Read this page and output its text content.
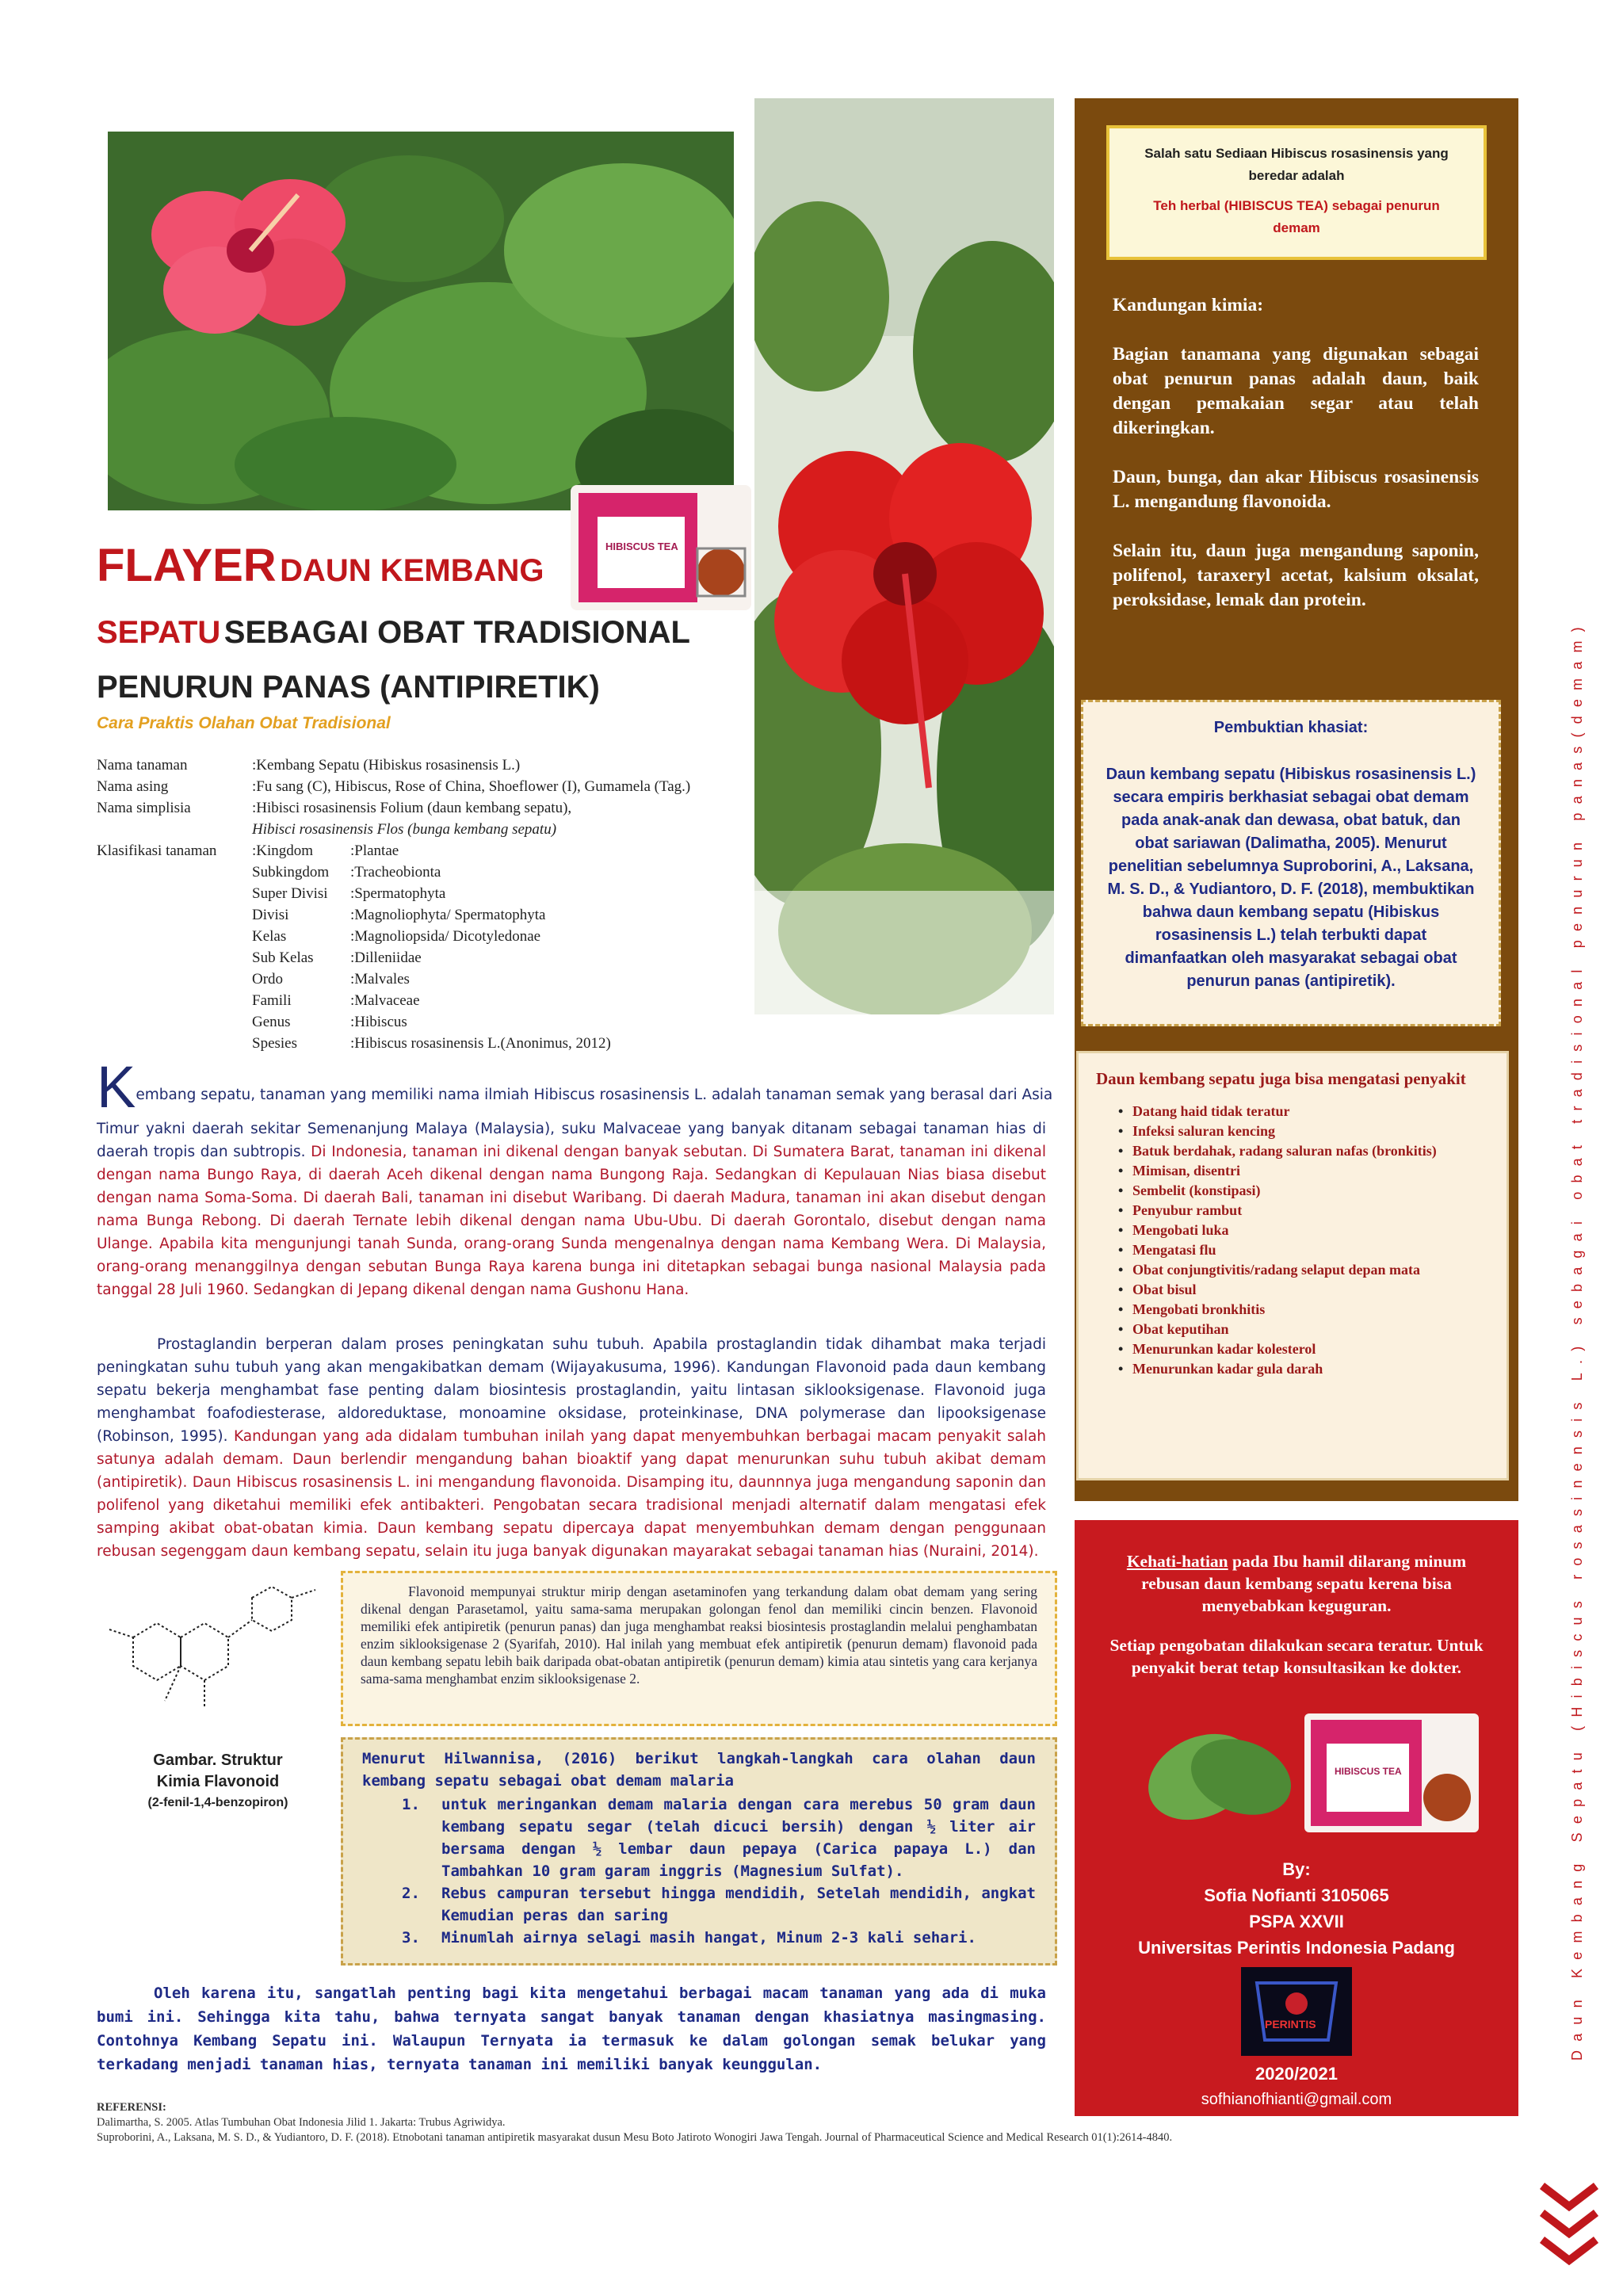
HIBISCUS TEA
FLAYER DAUN KEMBANG
SEPATU SEBAGAI OBAT TRADISIONAL
PENURUN PANAS (ANTIPIRETIK)
Cara Praktis Olahan Obat Tradisional
Nama tanaman	:Kembang Sepatu (Hibiskus rosasinensis L.)
Nama asing	:Fu sang (C), Hibiscus, Rose of China, Shoeflower (I), Gumamela (Tag.)
Nama simplisia	:Hibisci rosasinensis Folium (daun kembang sepatu),
Hibisci rosasinensis Flos (bunga kembang sepatu)
Klasifikasi tanaman :Kingdom :Plantae
Subkingdom :Tracheobionta
Super Divisi :Spermatophyta
Divisi	:Magnoliophyta/ Spermatophyta
Kelas	:Magnoliopsida/ Dicotyledonae
Sub Kelas :Dilleniidae
Ordo	:Malvales
Famili	:Malvaceae
Genus	:Hibiscus
Spesies	:Hibiscus rosasinensis L.(Anonimus, 2012)
Kembang sepatu, tanaman yang memiliki nama ilmiah Hibiscus rosasinensis L. adalah tanaman semak yang berasal dari Asia
Timur yakni daerah sekitar Semenanjung Malaya (Malaysia), suku Malvaceae yang banyak ditanam sebagai tanaman hias di daerah tropis dan subtropis. Di Indonesia, tanaman ini dikenal dengan banyak sebutan. Di Sumatera Barat, tanaman ini dikenal dengan nama Bungo Raya, di daerah Aceh dikenal dengan nama Bungong Raja. Sedangkan di Kepulauan Nias biasa disebut dengan nama Soma-Soma. Di daerah Bali, tanaman ini disebut Waribang. Di daerah Madura, tanaman ini akan disebut dengan nama Bunga Rebong. Di daerah Ternate lebih dikenal dengan nama Ubu-Ubu. Di daerah Gorontalo, disebut dengan nama Ulange. Apabila kita mengunjungi tanah Sunda, orang-orang Sunda mengenalnya dengan nama Kembang Wera. Di Malaysia, orang-orang menanggilnya dengan sebutan Bunga Raya karena bunga ini ditetapkan sebagai bunga nasional Malaysia pada tanggal 28 Juli 1960. Sedangkan di Jepang dikenal dengan nama Gushonu Hana.
Prostaglandin berperan dalam proses peningkatan suhu tubuh. Apabila prostaglandin tidak dihambat maka terjadi peningkatan suhu tubuh yang akan mengakibatkan demam (Wijayakusuma, 1996). Kandungan Flavonoid pada daun kembang sepatu bekerja menghambat fase penting dalam biosintesis prostaglandin, yaitu lintasan siklooksigenase. Flavonoid juga menghambat foafodiesterase, aldoreduktase, monoamine oksidase, proteinkinase, DNA polymerase dan lipooksigenase (Robinson, 1995). Kandungan yang ada didalam tumbuhan inilah yang dapat menyembuhkan berbagai macam penyakit salah satunya adalah demam. Daun berlendir mengandung bahan bioaktif yang dapat menurunkan suhu tubuh akibat demam (antipiretik). Daun Hibiscus rosasinensis L. ini mengandung flavonoida. Disamping itu, daunnnya juga mengandung saponin dan polifenol yang diketahui memiliki efek antibakteri. Pengobatan secara tradisional menjadi alternatif dalam mengatasi efek samping akibat obat-obatan kimia. Daun kembang sepatu dipercaya dapat menyembuhkan demam dengan penggunaan rebusan segenggam daun kembang sepatu, selain itu juga banyak digunakan mayarakat sebagai tanaman hias (Nuraini, 2014).
Gambar. Struktur
Kimia Flavonoid
(2-fenil-1,4-benzopiron)
Flavonoid mempunyai struktur mirip dengan asetaminofen yang terkandung dalam obat demam yang sering dikenal dengan Parasetamol, yaitu sama-sama merupakan golongan fenol dan memiliki cincin benzen. Flavonoid memiliki efek antipiretik (penurun panas) dan juga menghambat reaksi biosintesis prostaglandin melalui penghambatan enzim siklooksigenase 2 (Syarifah, 2010). Hal inilah yang membuat efek antipiretik (penurun demam) flavonoid pada daun kembang sepatu lebih baik daripada obat-obatan antipiretik (penurun demam) kimia atau sintetis yang cara kerjanya sama-sama menghambat enzim siklooksigenase 2.
Menurut Hilwannisa, (2016) berikut langkah-langkah cara olahan daun kembang sepatu sebagai obat demam malaria
1. untuk meringankan demam malaria dengan cara merebus 50 gram daun kembang sepatu segar (telah dicuci bersih) dengan ½ liter air bersama dengan ½ lembar daun pepaya (Carica papaya L.) dan Tambahkan 10 gram garam inggris (Magnesium Sulfat).
2. Rebus campuran tersebut hingga mendidih, Setelah mendidih, angkat Kemudian peras dan saring
3. Minumlah airnya selagi masih hangat, Minum 2-3 kali sehari.
Oleh karena itu, sangatlah penting bagi kita mengetahui berbagai macam tanaman yang ada di muka bumi ini. Sehingga kita tahu, bahwa ternyata sangat banyak tanaman dengan khasiatnya masingmasing. Contohnya Kembang Sepatu ini. Walaupun Ternyata ia termasuk ke dalam golongan semak belukar yang terkadang menjadi tanaman hias, ternyata tanaman ini memiliki banyak keunggulan.
REFERENSI:
Dalimartha, S. 2005. Atlas Tumbuhan Obat Indonesia Jilid 1. Jakarta: Trubus Agriwidya.
Suproborini, A., Laksana, M. S. D., & Yudiantoro, D. F. (2018). Etnobotani tanaman antipiretik masyarakat dusun Mesu Boto Jatiroto Wonogiri Jawa Tengah. Journal of Pharmaceutical Science and Medical Research 01(1):2614-4840.
Salah satu Sediaan Hibiscus rosasinensis yang beredar adalah
Teh herbal (HIBISCUS TEA) sebagai penurun demam
Kandungan kimia:
Bagian tanamana yang digunakan sebagai obat penurun panas adalah daun, baik dengan pemakaian segar atau telah dikeringkan.
Daun, bunga, dan akar Hibiscus rosasinensis L. mengandung flavonoida.
Selain itu, daun juga mengandung saponin, polifenol, taraxeryl acetat, kalsium oksalat, peroksidase, lemak dan protein.
Pembuktian khasiat:
Daun kembang sepatu (Hibiskus rosasinensis L.) secara empiris berkhasiat sebagai obat demam pada anak-anak dan dewasa, obat batuk, dan obat sariawan (Dalimatha, 2005). Menurut penelitian sebelumnya Suproborini, A., Laksana, M. S. D., & Yudiantoro, D. F. (2018), membuktikan bahwa daun kembang sepatu (Hibiskus rosasinensis L.) telah terbukti dapat dimanfaatkan oleh masyarakat sebagai obat penurun panas (antipiretik).
Daun kembang sepatu juga bisa mengatasi penyakit
• Datang haid tidak teratur
• Infeksi saluran kencing
• Batuk berdahak, radang saluran nafas (bronkitis)
• Mimisan, disentri
• Sembelit (konstipasi)
• Penyubur rambut
• Mengobati luka
• Mengatasi flu
• Obat conjungtivitis/radang selaput depan mata
• Obat bisul
• Mengobati bronkhitis
• Obat keputihan
• Menurunkan kadar kolesterol
• Menurunkan kadar gula darah
Kehati-hatian pada Ibu hamil dilarang minum rebusan daun kembang sepatu kerena bisa menyebabkan keguguran.
Setiap pengobatan dilakukan secara teratur. Untuk penyakit berat tetap konsultasikan ke dokter.
HIBISCUS TEA
By:
Sofia Nofianti 3105065
PSPA XXVII
Universitas Perintis Indonesia Padang
PERINTIS
2020/2021
sofhianofhianti@gmail.com
Daun Kembang Sepatu (Hibiscus rosasinensis L.) sebagai obat tradisional penurun panas(demam)
